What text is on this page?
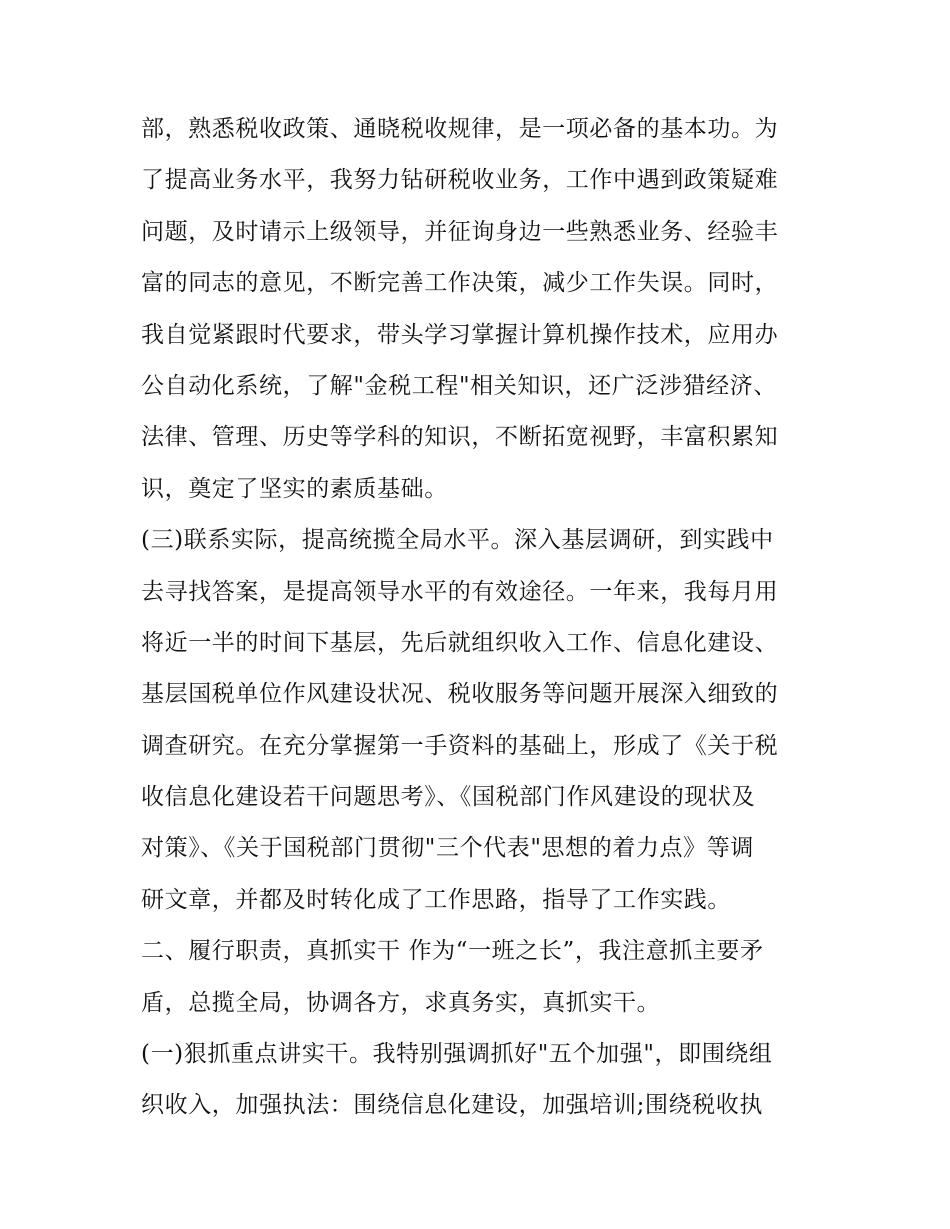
部，熟悉税收政策、通晓税收规律，是一项必备的基本功。为
了提高业务水平，我努力钻研税收业务，工作中遇到政策疑难
问题，及时请示上级领导，并征询身边一些熟悉业务、经验丰
富的同志的意见，不断完善工作决策，减少工作失误。同时，
我自觉紧跟时代要求，带头学习掌握计算机操作技术，应用办
公自动化系统，了解"金税工程"相关知识，还广泛涉猎经济、
法律、管理、历史等学科的知识，不断拓宽视野，丰富积累知
识，奠定了坚实的素质基础。
(三)联系实际，提高统揽全局水平。深入基层调研，到实践中
去寻找答案，是提高领导水平的有效途径。一年来，我每月用
将近一半的时间下基层，先后就组织收入工作、信息化建设、
基层国税单位作风建设状况、税收服务等问题开展深入细致的
调查研究。在充分掌握第一手资料的基础上，形成了《关于税
收信息化建设若干问题思考》、《国税部门作风建设的现状及
对策》、《关于国税部门贯彻"三个代表"思想的着力点》等调
研文章，并都及时转化成了工作思路，指导了工作实践。
二、履行职责，真抓实干 作为“一班之长”，我注意抓主要矛
盾，总揽全局，协调各方，求真务实，真抓实干。
(一)狠抓重点讲实干。我特别强调抓好"五个加强"，即围绕组
织收入，加强执法：围绕信息化建设，加强培训;围绕税收执
